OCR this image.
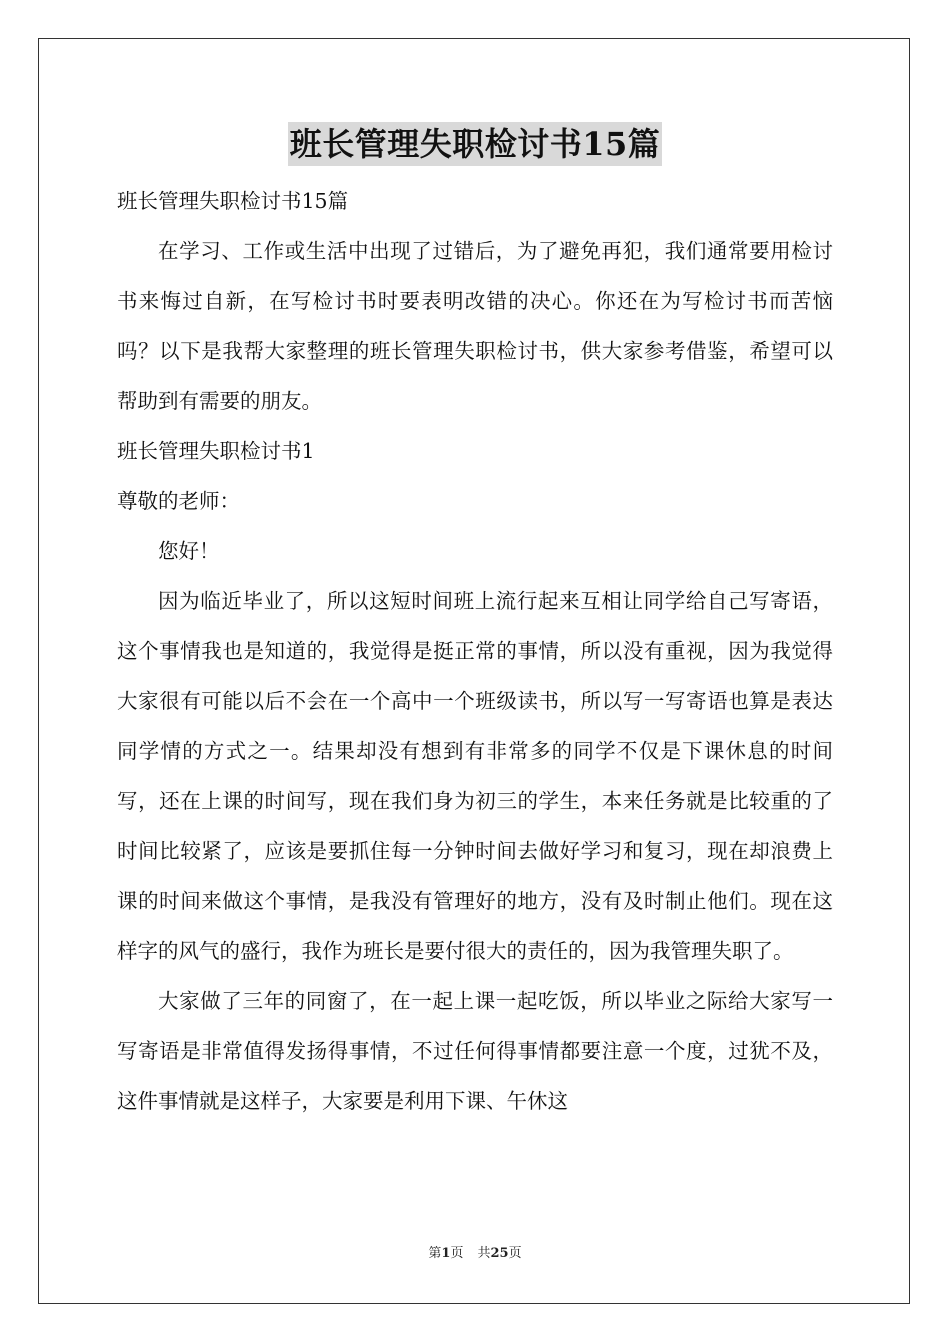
班长管理失职检讨书15篇

班长管理失职检讨书15篇

在学习、工作或生活中出现了过错后，为了避免再犯，我们通常要用检讨书来悔过自新，在写检讨书时要表明改错的决心。你还在为写检讨书而苦恼吗？以下是我帮大家整理的班长管理失职检讨书，供大家参考借鉴，希望可以帮助到有需要的朋友。

班长管理失职检讨书1

尊敬的老师：

您好！

因为临近毕业了，所以这短时间班上流行起来互相让同学给自己写寄语，这个事情我也是知道的，我觉得是挺正常的事情，所以没有重视，因为我觉得大家很有可能以后不会在一个高中一个班级读书，所以写一写寄语也算是表达同学情的方式之一。结果却没有想到有非常多的同学不仅是下课休息的时间写，还在上课的时间写，现在我们身为初三的学生，本来任务就是比较重的了时间比较紧了，应该是要抓住每一分钟时间去做好学习和复习，现在却浪费上课的时间来做这个事情，是我没有管理好的地方，没有及时制止他们。现在这样字的风气的盛行，我作为班长是要付很大的责任的，因为我管理失职了。

大家做了三年的同窗了，在一起上课一起吃饭，所以毕业之际给大家写一写寄语是非常值得发扬得事情，不过任何得事情都要注意一个度，过犹不及，这件事情就是这样子，大家要是利用下课、午休这

第1页 共25页
